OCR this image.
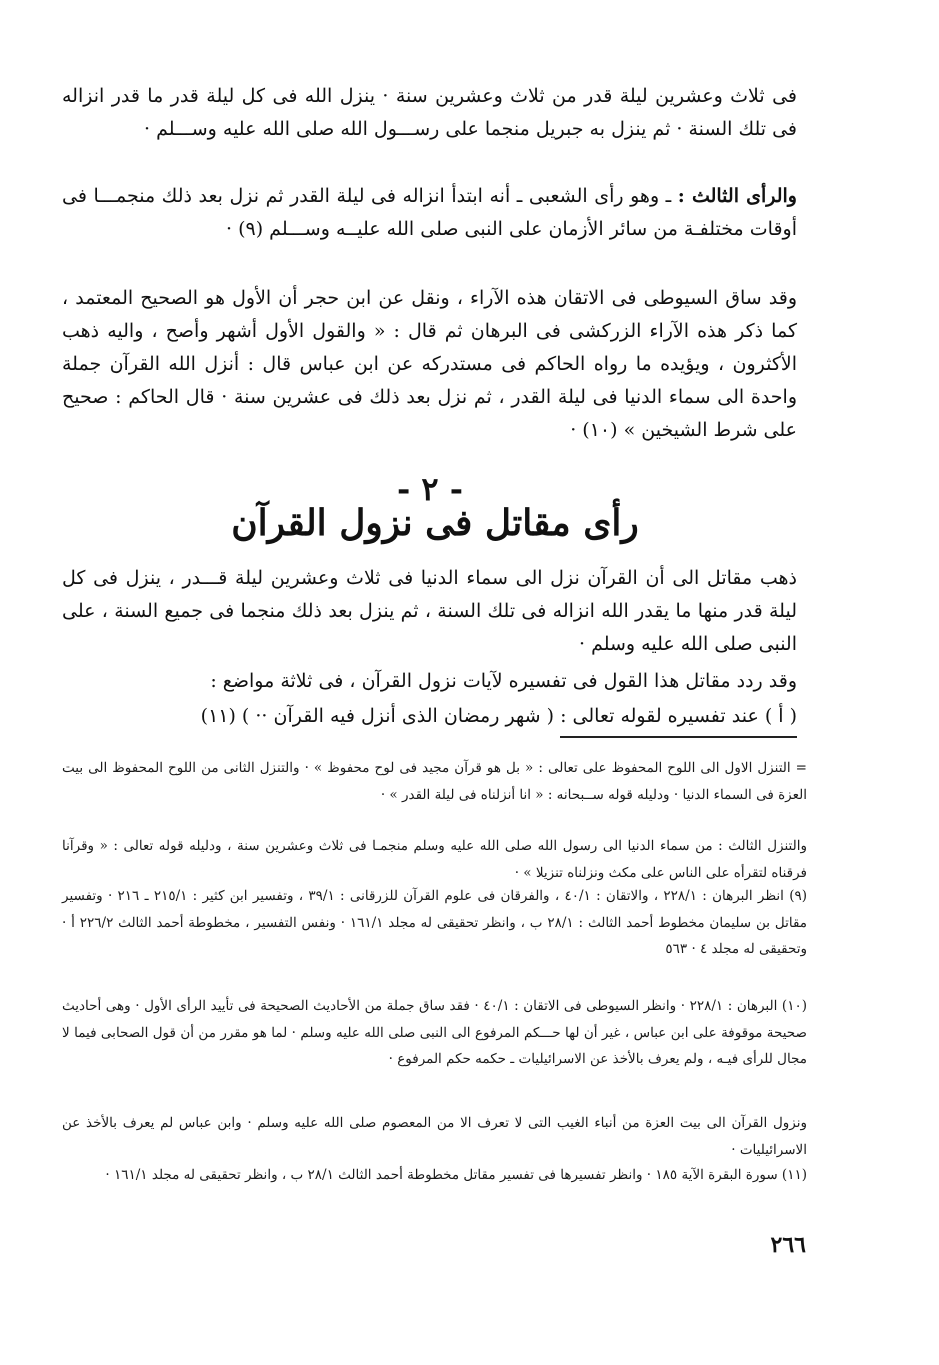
فى ثلاث وعشرين ليلة قدر من ثلاث وعشرين سنة · ينزل الله فى كل ليلة قدر ما قدر انزاله فى تلك السنة · ثم ينزل به جبريل منجما على رســـول الله صلى الله عليه وســـلم ·

والرأى الثالث : ـ وهو رأى الشعبى ـ أنه ابتدأ انزاله فى ليلة القدر ثم نزل بعد ذلك منجمـــا فى أوقات مختلفـة من سائر الأزمان على النبى صلى الله عليــه وســـلم (٩) ·

وقد ساق السيوطى فى الاتقان هذه الآراء ، ونقل عن ابن حجر أن الأول هو الصحيح المعتمد ، كما ذكر هذه الآراء الزركشى فى البرهان ثم قال : « والقول الأول أشهر وأصح ، واليه ذهب الأكثرون ، ويؤيده ما رواه الحاكم فى مستدركه عن ابن عباس قال : أنزل الله القرآن جملة واحدة الى سماء الدنيا فى ليلة القدر ، ثم نزل بعد ذلك فى عشرين سنة · قال الحاكم : صحيح على شرط الشيخين » (١٠) ·

- ٢ -
رأى مقاتل فى نزول القرآن

ذهب مقاتل الى أن القرآن نزل الى سماء الدنيا فى ثلاث وعشرين ليلة قـــدر ، ينزل فى كل ليلة قدر منها ما يقدر الله انزاله فى تلك السنة ، ثم ينزل بعد ذلك منجما فى جميع السنة ، على النبى صلى الله عليه وسلم ·

وقد ردد مقاتل هذا القول فى تفسيره لآيات نزول القرآن ، فى ثلاثة مواضع :

( أ ) عند تفسيره لقوله تعالى : ( شهر رمضان الذى أنزل فيه القرآن ·· ) (١١)

= التنزل الاول الى اللوح المحفوظ على تعالى : « بل هو قرآن مجيد فى لوح محفوظ » · والتنزل الثانى من اللوح المحفوظ الى بيت العزة فى السماء الدنيا · ودليله قوله ســبحانه : « انا أنزلناه فى ليلة القدر » ·

والتنزل الثالث : من سماء الدنيا الى رسول الله صلى الله عليه وسلم منجمـا فى ثلاث وعشرين سنة ، ودليله قوله تعالى : « وقرآنا فرقناه لتقرأه على الناس على مكث ونزلناه تنزيلا » ·

(٩) انظر البرهان : ٢٢٨/١ ، والاتقان : ٤٠/١ ، والفرقان فى علوم القرآن للزرقانى : ٣٩/١ ، وتفسير ابن كثير : ٢١٥/١ ـ ٢١٦ · وتفسير مقاتل بن سليمان مخطوط أحمد الثالث : ٢٨/١ ب ، وانظر تحقيقى له مجلد ١٦١/١ · ونفس التفسير ، مخطوطة أحمد الثالث ٢٢٦/٢ أ · وتحقيقى له مجلد ٤ · ٥٦٣

(١٠) البرهان : ٢٢٨/١ · وانظر السيوطى فى الاتقان : ٤٠/١ · فقد ساق جملة من الأحاديث الصحيحة فى تأييد الرأى الأول · وهى أحاديث صحيحة موقوفة على ابن عباس ، غير أن لها حـــكم المرفوع الى النبى صلى الله عليه وسلم · لما هو مقرر من أن قول الصحابى فيما لا مجال للرأى فيـه ، ولم يعرف بالأخذ عن الاسرائيليات ـ حكمه حكم المرفوع ·

ونزول القرآن الى بيت العزة من أنباء الغيب التى لا تعرف الا من المعصوم صلى الله عليه وسلم · وابن عباس لم يعرف بالأخذ عن الاسرائيليات ·

(١١) سورة البقرة الآية ١٨٥ · وانظر تفسيرها فى تفسير مقاتل مخطوطة أحمد الثالث ٢٨/١ ب ، وانظر تحقيقى له مجلد ١٦١/١ ·

٢٦٦
